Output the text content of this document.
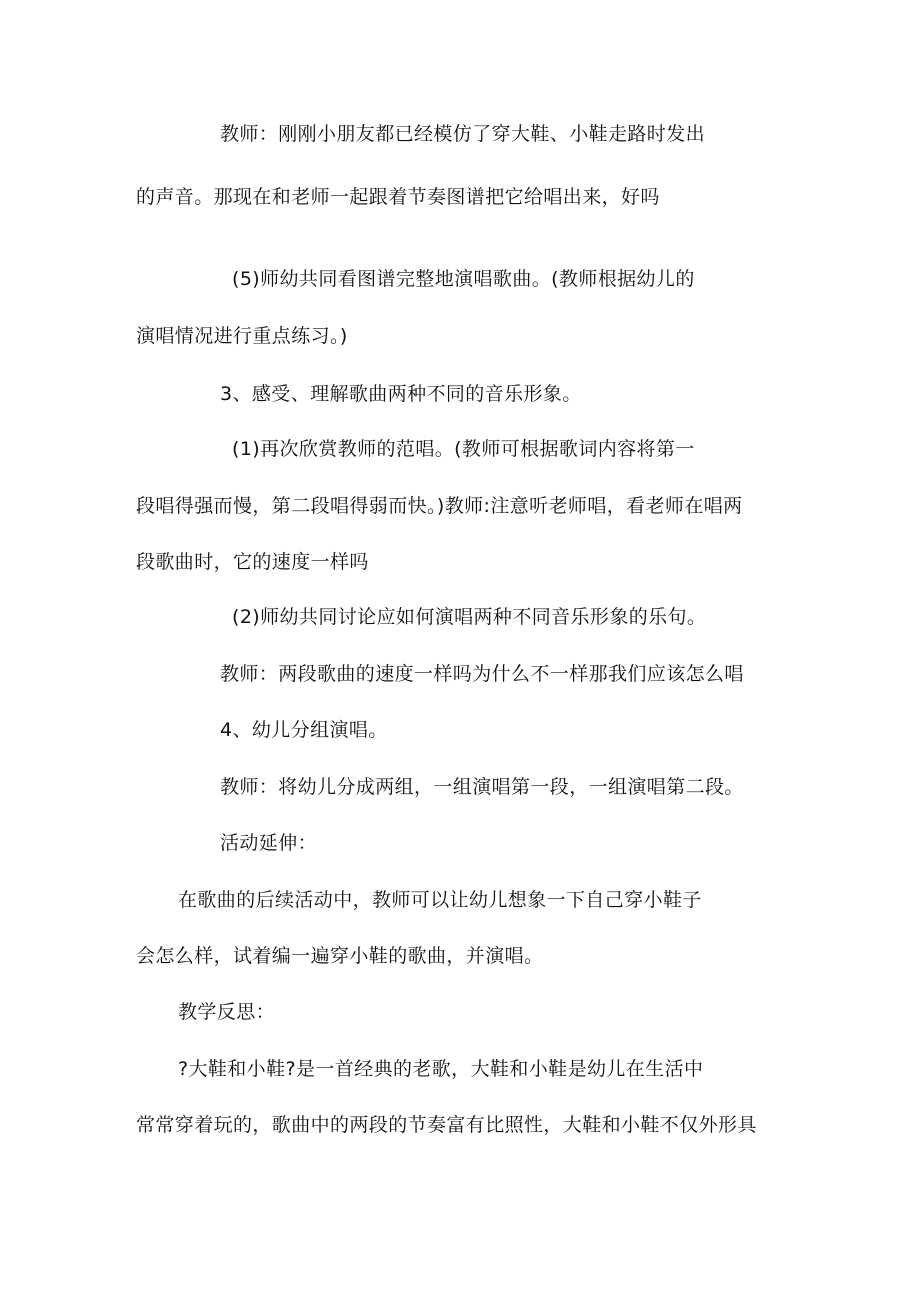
教师：刚刚小朋友都已经模仿了穿大鞋、小鞋走路时发出
的声音。那现在和老师一起跟着节奏图谱把它给唱出来，好吗
(5)师幼共同看图谱完整地演唱歌曲。(教师根据幼儿的
演唱情况进行重点练习。)
3、感受、理解歌曲两种不同的音乐形象。
(1)再次欣赏教师的范唱。(教师可根据歌词内容将第一
段唱得强而慢，第二段唱得弱而快。)教师:注意听老师唱，看老师在唱两
段歌曲时，它的速度一样吗
(2)师幼共同讨论应如何演唱两种不同音乐形象的乐句。
教师：两段歌曲的速度一样吗为什么不一样那我们应该怎么唱
4、幼儿分组演唱。
教师：将幼儿分成两组，一组演唱第一段，一组演唱第二段。
活动延伸：
在歌曲的后续活动中，教师可以让幼儿想象一下自己穿小鞋子
会怎么样，试着编一遍穿小鞋的歌曲，并演唱。
教学反思：
?大鞋和小鞋?是一首经典的老歌，大鞋和小鞋是幼儿在生活中
常常穿着玩的，歌曲中的两段的节奏富有比照性，大鞋和小鞋不仅外形具
